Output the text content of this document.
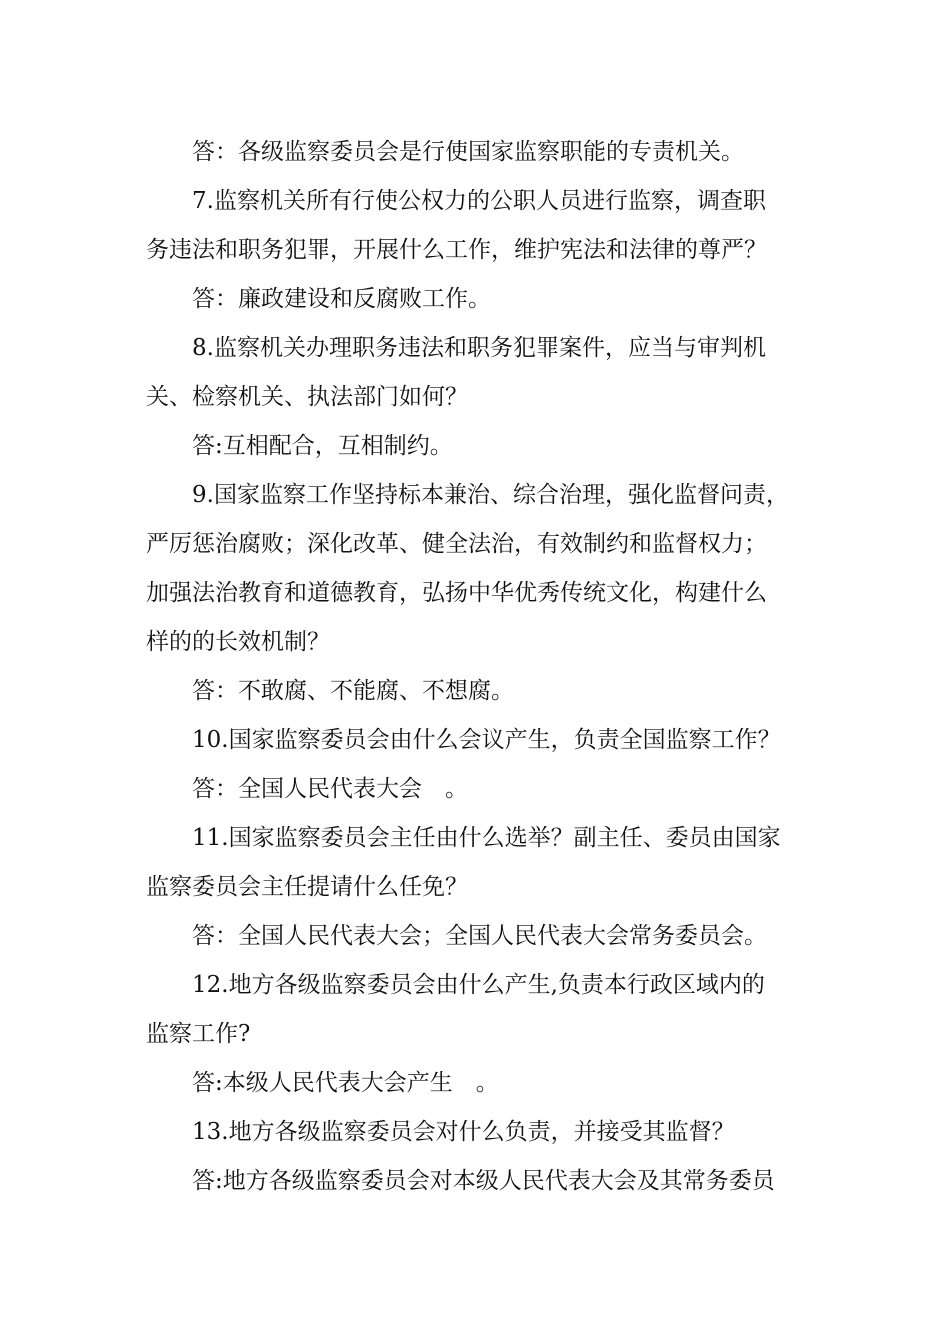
答：各级监察委员会是行使国家监察职能的专责机关。
7.监察机关所有行使公权力的公职人员进行监察，调查职
务违法和职务犯罪，开展什么工作，维护宪法和法律的尊严？
答：廉政建设和反腐败工作。
8.监察机关办理职务违法和职务犯罪案件，应当与审判机
关、检察机关、执法部门如何？
答:互相配合，互相制约。
9.国家监察工作坚持标本兼治、综合治理，强化监督问责，
严厉惩治腐败；深化改革、健全法治，有效制约和监督权力；
加强法治教育和道德教育，弘扬中华优秀传统文化，构建什么
样的的长效机制？
答：不敢腐、不能腐、不想腐。
10.国家监察委员会由什么会议产生，负责全国监察工作？
答：全国人民代表大会　。
11.国家监察委员会主任由什么选举？副主任、委员由国家
监察委员会主任提请什么任免？
答：全国人民代表大会；全国人民代表大会常务委员会。
12.地方各级监察委员会由什么产生,负责本行政区域内的
监察工作?
答:本级人民代表大会产生　。
13.地方各级监察委员会对什么负责，并接受其监督？
答:地方各级监察委员会对本级人民代表大会及其常务委员
